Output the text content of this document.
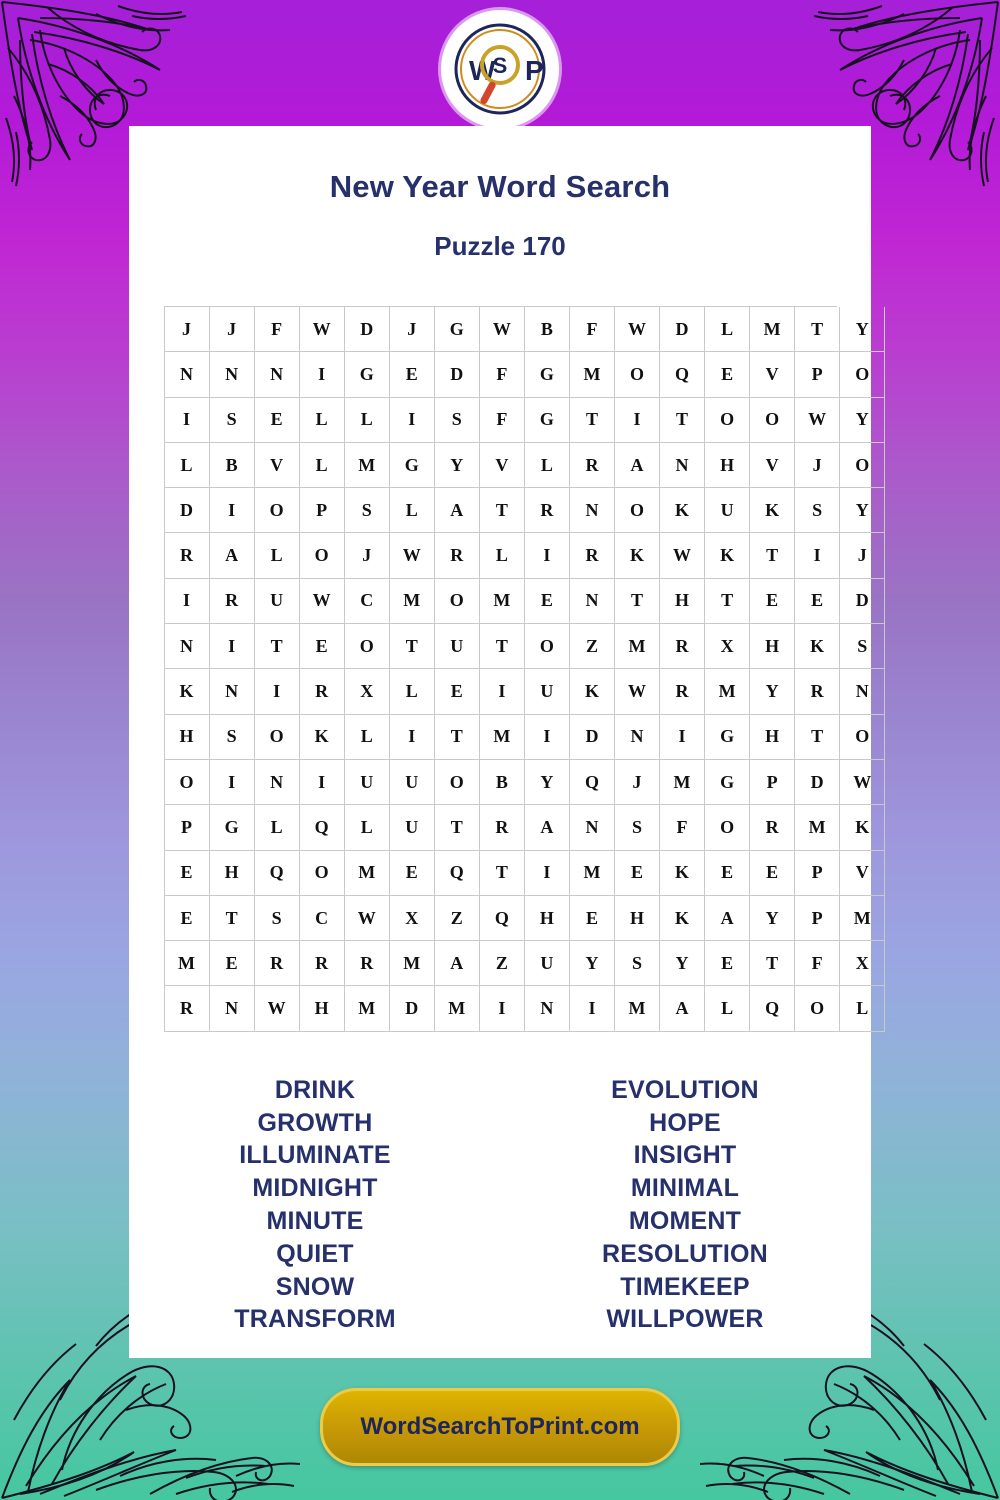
W P
S
New Year Word Search
Puzzle 170
J	J	F	W	D	J	G	W	B	F	W	D	L	M	T	Y
N	N	N	I	G	E	D	F	G	M	O	Q	E	V	P	O
I	S	E	L	L	I	S	F	G	T	I	T	O	O	W	Y
L	B	V	L	M	G	Y	V	L	R	A	N	H	V	J	O
D	I	O	P	S	L	A	T	R	N	O	K	U	K	S	Y
R	A	L	O	J	W	R	L	I	R	K	W	K	T	I	J
I	R	U	W	C	M	O	M	E	N	T	H	T	E	E	D
N	I	T	E	O	T	U	T	O	Z	M	R	X	H	K	S
K	N	I	R	X	L	E	I	U	K	W	R	M	Y	R	N
H	S	O	K	L	I	T	M	I	D	N	I	G	H	T	O
O	I	N	I	U	U	O	B	Y	Q	J	M	G	P	D	W
P	G	L	Q	L	U	T	R	A	N	S	F	O	R	M	K
E	H	Q	O	M	E	Q	T	I	M	E	K	E	E	P	V
E	T	S	C	W	X	Z	Q	H	E	H	K	A	Y	P	M
M	E	R	R	R	M	A	Z	U	Y	S	Y	E	T	F	X
R	N	W	H	M	D	M	I	N	I	M	A	L	Q	O	L
DRINK
GROWTH
ILLUMINATE
MIDNIGHT
MINUTE
QUIET
SNOW
TRANSFORM
EVOLUTION
HOPE
INSIGHT
MINIMAL
MOMENT
RESOLUTION
TIMEKEEP
WILLPOWER
WordSearchToPrint.com
